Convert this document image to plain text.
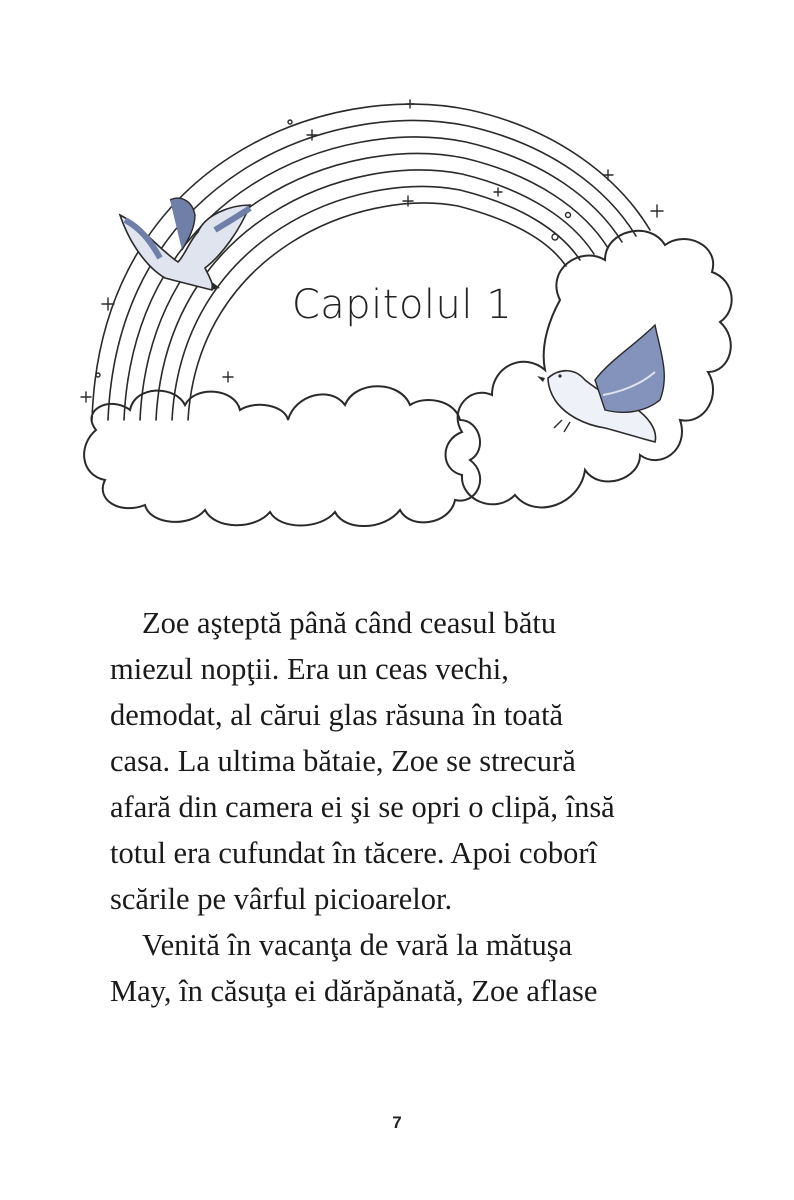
Capitolul 1

Zoe aşteptă până când ceasul bătu
miezul nopţii. Era un ceas vechi,
demodat, al cărui glas răsuna în toată
casa. La ultima bătaie, Zoe se strecură
afară din camera ei şi se opri o clipă, însă
totul era cufundat în tăcere. Apoi coborî
scările pe vârful picioarelor.

Venită în vacanţa de vară la mătuşa
May, în căsuţa ei dărăpănată, Zoe aflase

7
